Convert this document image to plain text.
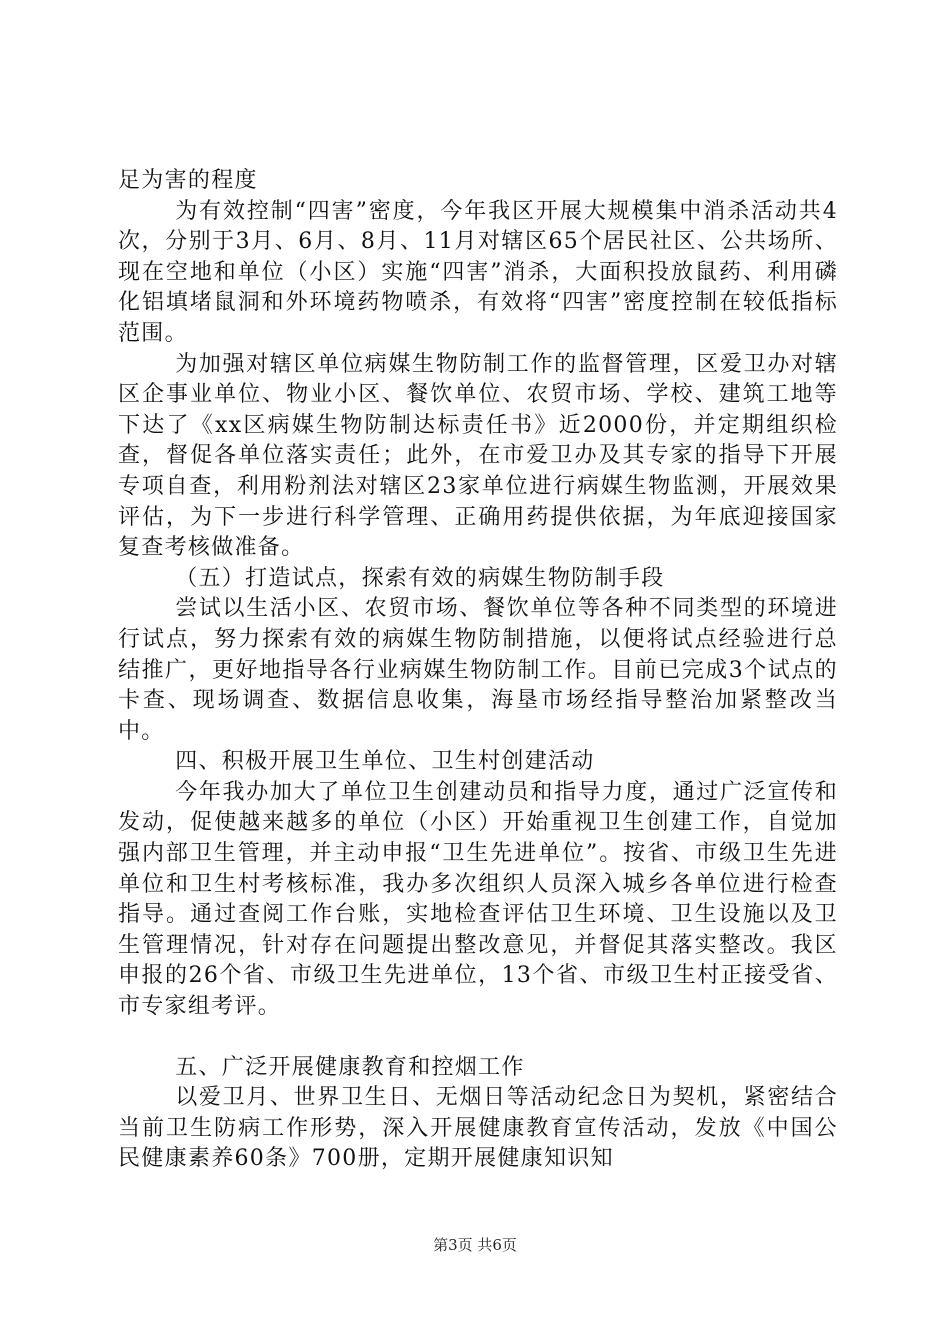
足为害的程度

为有效控制“四害”密度，今年我区开展大规模集中消杀活动共4次，分别于3月、6月、8月、11月对辖区65个居民社区、公共场所、现在空地和单位（小区）实施“四害”消杀，大面积投放鼠药、利用磷化铝填堵鼠洞和外环境药物喷杀，有效将“四害”密度控制在较低指标范围。

为加强对辖区单位病媒生物防制工作的监督管理，区爱卫办对辖区企事业单位、物业小区、餐饮单位、农贸市场、学校、建筑工地等下达了《xx区病媒生物防制达标责任书》近2000份，并定期组织检查，督促各单位落实责任；此外，在市爱卫办及其专家的指导下开展专项自查，利用粉剂法对辖区23家单位进行病媒生物监测，开展效果评估，为下一步进行科学管理、正确用药提供依据，为年底迎接国家复查考核做准备。

（五）打造试点，探索有效的病媒生物防制手段

尝试以生活小区、农贸市场、餐饮单位等各种不同类型的环境进行试点，努力探索有效的病媒生物防制措施，以便将试点经验进行总结推广，更好地指导各行业病媒生物防制工作。目前已完成3个试点的卡查、现场调查、数据信息收集，海垦市场经指导整治加紧整改当中。

四、积极开展卫生单位、卫生村创建活动

今年我办加大了单位卫生创建动员和指导力度，通过广泛宣传和发动，促使越来越多的单位（小区）开始重视卫生创建工作，自觉加强内部卫生管理，并主动申报“卫生先进单位”。按省、市级卫生先进单位和卫生村考核标准，我办多次组织人员深入城乡各单位进行检查指导。通过查阅工作台账，实地检查评估卫生环境、卫生设施以及卫生管理情况，针对存在问题提出整改意见，并督促其落实整改。我区申报的26个省、市级卫生先进单位，13个省、市级卫生村正接受省、市专家组考评。

五、广泛开展健康教育和控烟工作

以爱卫月、世界卫生日、无烟日等活动纪念日为契机，紧密结合当前卫生防病工作形势，深入开展健康教育宣传活动，发放《中国公民健康素养60条》700册，定期开展健康知识知

第3页 共6页
